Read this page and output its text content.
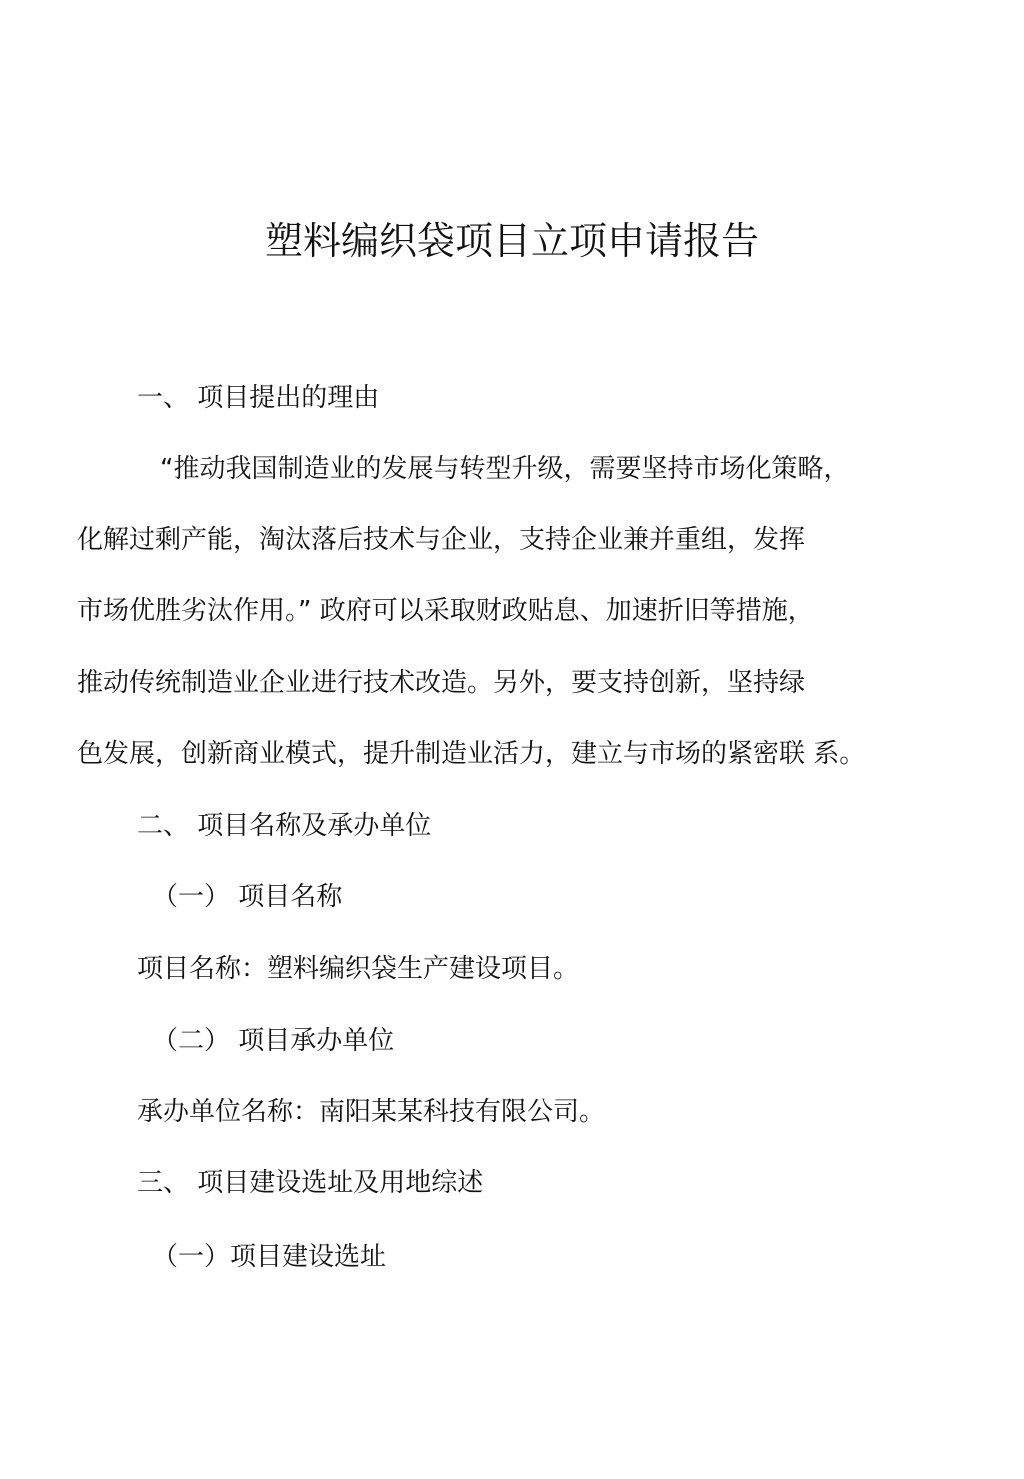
塑料编织袋项目立项申请报告
一、 项目提出的理由
“推动我国制造业的发展与转型升级，需要坚持市场化策略，
化解过剩产能，淘汰落后技术与企业，支持企业兼并重组，发挥
市场优胜劣汰作用。” 政府可以采取财政贴息、加速折旧等措施，
推动传统制造业企业进行技术改造。另外，要支持创新，坚持绿
色发展，创新商业模式，提升制造业活力，建立与市场的紧密联 系。
二、 项目名称及承办单位
（一） 项目名称
项目名称：塑料编织袋生产建设项目。
（二） 项目承办单位
承办单位名称：南阳某某科技有限公司。
三、 项目建设选址及用地综述
（一）项目建设选址
